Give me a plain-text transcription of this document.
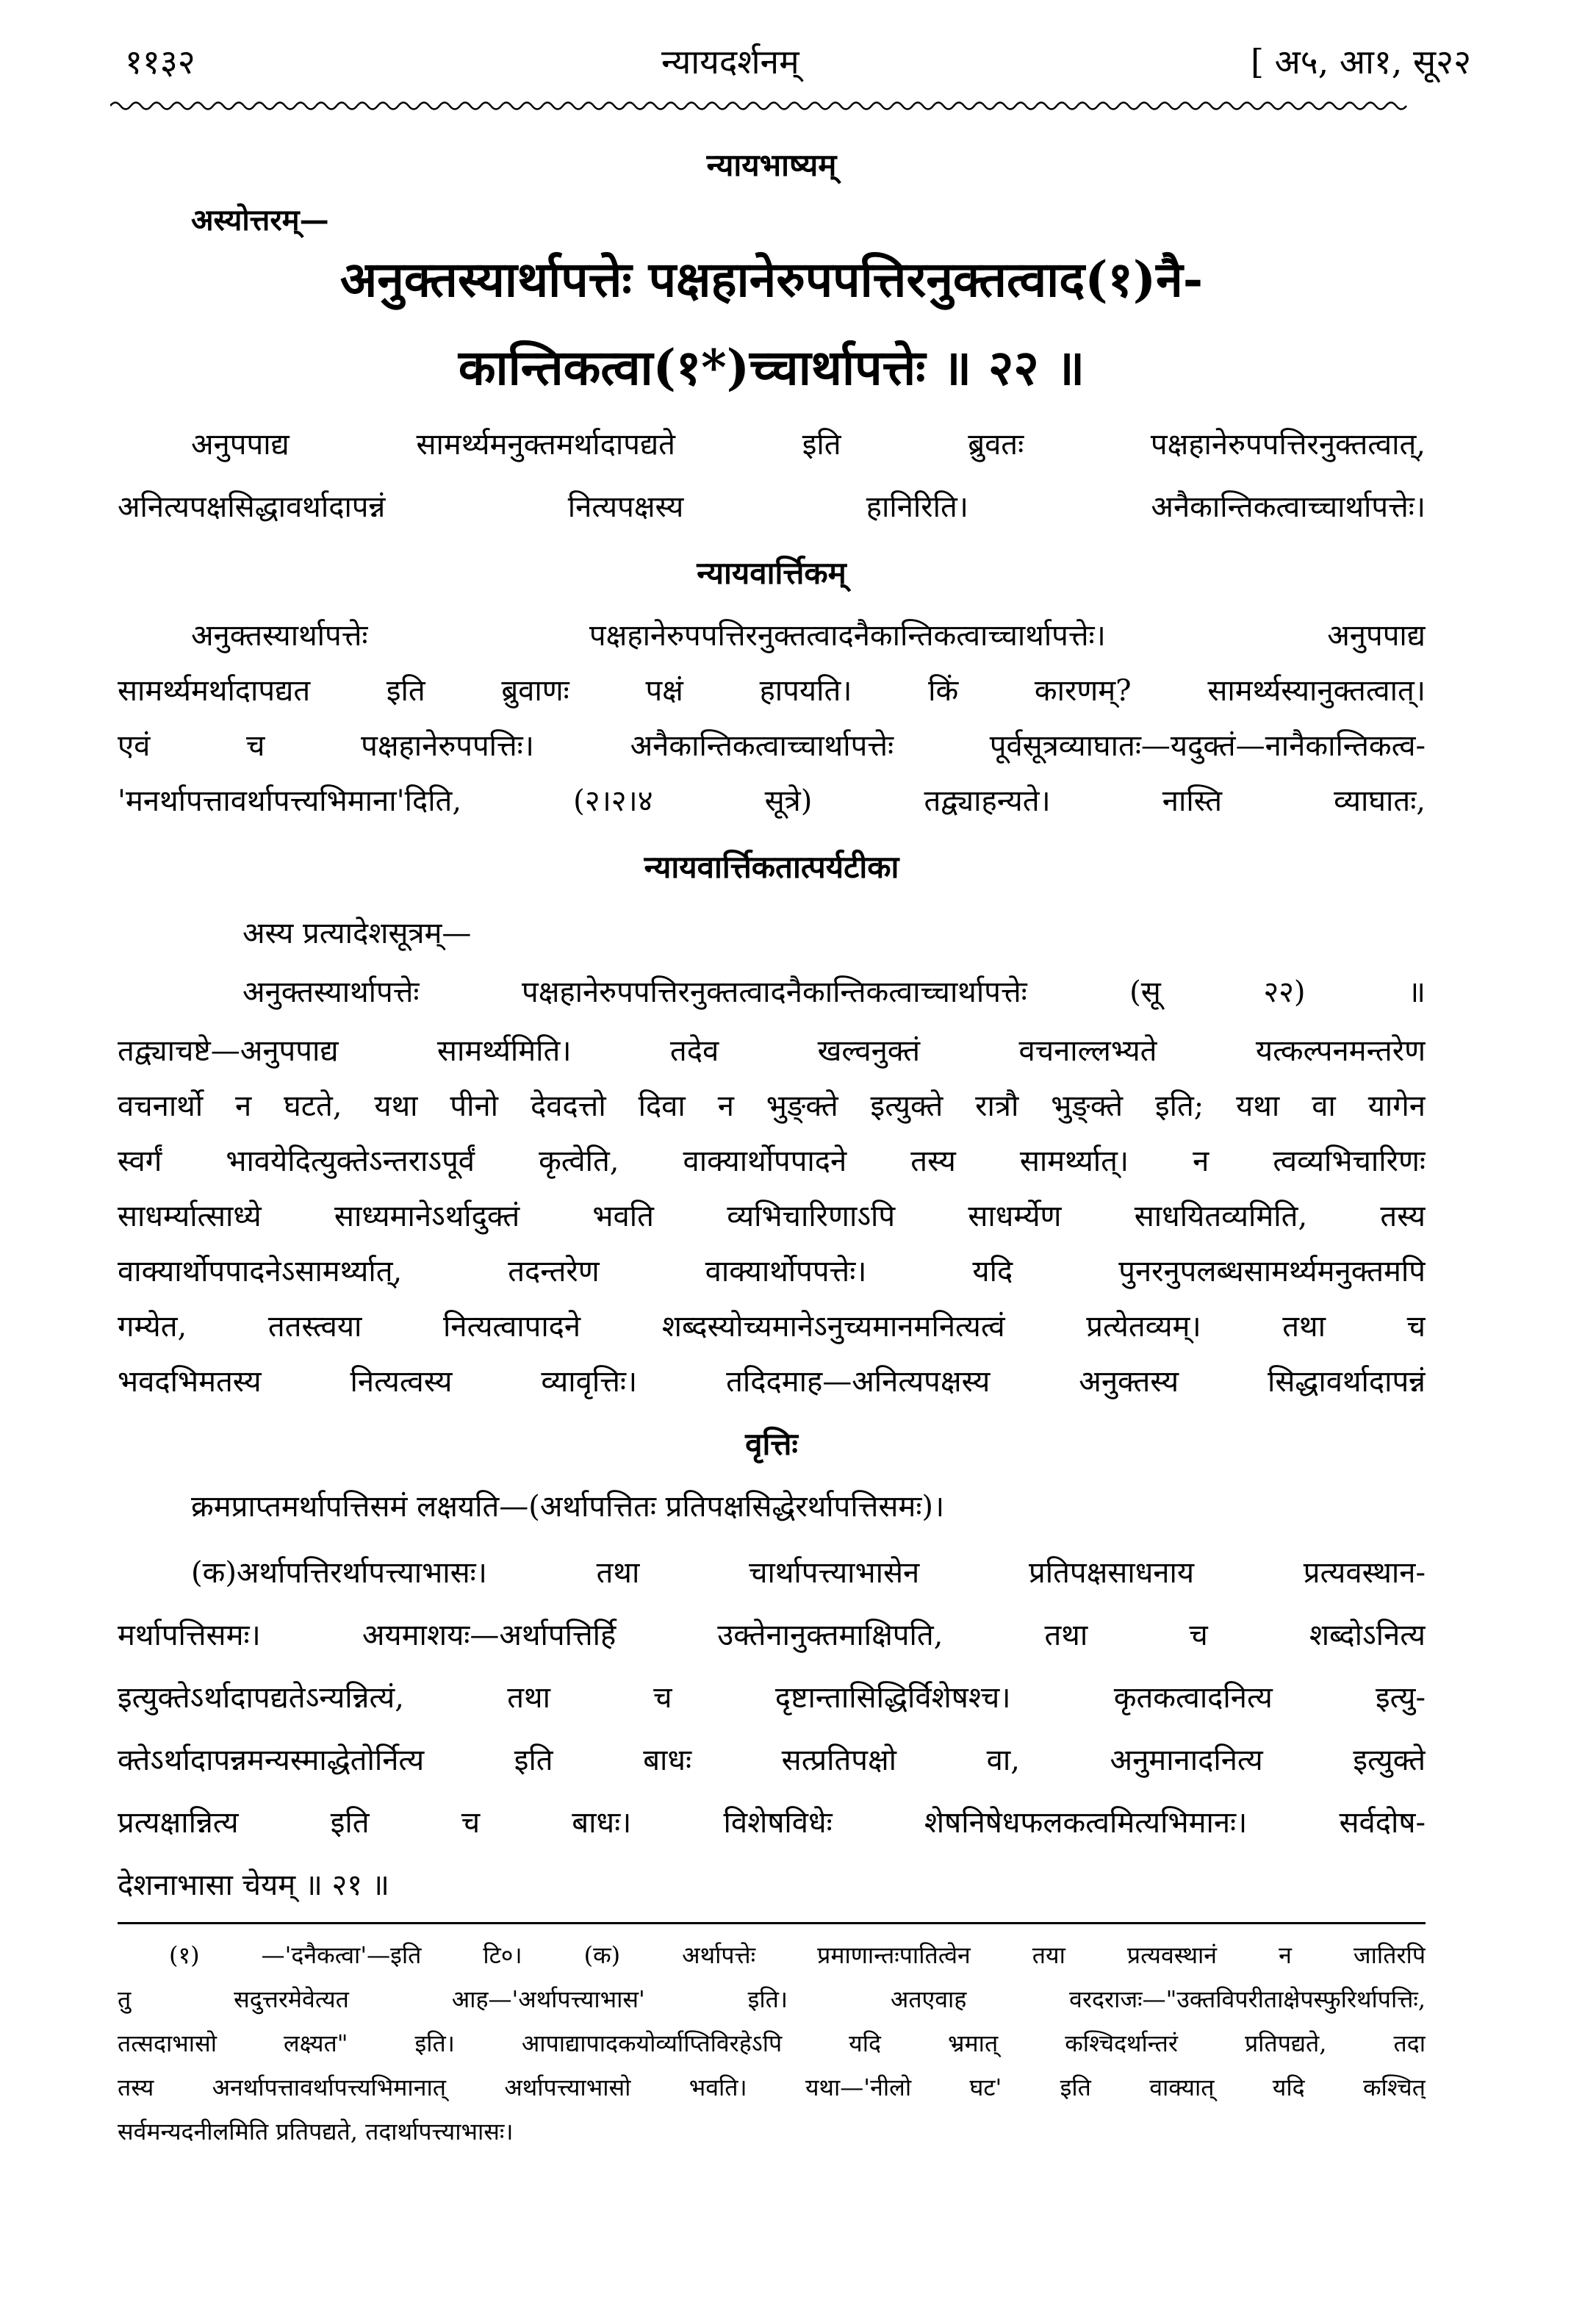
११३२	न्यायदर्शनम्	[ अ५, आ१, सू२२
न्यायभाष्यम्
अस्योत्तरम्—
अनुक्तस्यार्थापत्तेः पक्षहानेरुपपत्तिरनुक्तत्वाद(१)नै-
कान्तिकत्वा(१*)च्चार्थापत्तेः ॥ २२ ॥
अनुपपाद्य सामर्थ्यमनुक्तमर्थादापद्यते इति ब्रुवतः पक्षहानेरुपपत्तिरनुक्तत्वात्,
अनित्यपक्षसिद्धावर्थादापन्नं नित्यपक्षस्य हानिरिति। अनैकान्तिकत्वाच्चार्थापत्तेः।
न्यायवार्त्तिकम्
अनुक्तस्यार्थापत्तेः पक्षहानेरुपपत्तिरनुक्तत्वादनैकान्तिकत्वाच्चार्थापत्तेः। अनुपपाद्य
सामर्थ्यमर्थादापद्यत इति ब्रुवाणः पक्षं हापयति। किं कारणम्? सामर्थ्यस्यानुक्तत्वात्।
एवं च पक्षहानेरुपपत्तिः। अनैकान्तिकत्वाच्चार्थापत्तेः पूर्वसूत्रव्याघातः—यदुक्तं—नानैकान्तिकत्व-
'मनर्थापत्तावर्थापत्त्यभिमाना'दिति, (२।२।४ सूत्रे) तद्व्याहन्यते। नास्ति व्याघातः,
न्यायवार्त्तिकतात्पर्यटीका
अस्य प्रत्यादेशसूत्रम्—
अनुक्तस्यार्थापत्तेः पक्षहानेरुपपत्तिरनुक्तत्वादनैकान्तिकत्वाच्चार्थापत्तेः (सू २२) ॥
तद्व्याचष्टे—अनुपपाद्य सामर्थ्यमिति। तदेव खल्वनुक्तं वचनाल्लभ्यते यत्कल्पनमन्तरेण
वचनार्थो न घटते, यथा पीनो देवदत्तो दिवा न भुङ्क्ते इत्युक्ते रात्रौ भुङ्क्ते इति; यथा वा यागेन
स्वर्गं भावयेदित्युक्तेऽन्तराऽपूर्वं कृत्वेति, वाक्यार्थोपपादने तस्य सामर्थ्यात्। न त्वव्यभिचारिणः
साधर्म्यात्साध्ये साध्यमानेऽर्थादुक्तं भवति व्यभिचारिणाऽपि साधर्म्येण साधयितव्यमिति, तस्य
वाक्यार्थोपपादनेऽसामर्थ्यात्, तदन्तरेण वाक्यार्थोपपत्तेः। यदि पुनरनुपलब्धसामर्थ्यमनुक्तमपि
गम्येत, ततस्त्वया नित्यत्वापादने शब्दस्योच्यमानेऽनुच्यमानमनित्यत्वं प्रत्येतव्यम्। तथा च
भवदभिमतस्य नित्यत्वस्य व्यावृत्तिः। तदिदमाह—अनित्यपक्षस्य अनुक्तस्य सिद्धावर्थादापन्नं
वृत्तिः
क्रमप्राप्तमर्थापत्तिसमं लक्षयति—(अर्थापत्तितः प्रतिपक्षसिद्धेरर्थापत्तिसमः)।
(क)अर्थापत्तिरर्थापत्त्याभासः। तथा चार्थापत्त्याभासेन प्रतिपक्षसाधनाय प्रत्यवस्थान-
मर्थापत्तिसमः। अयमाशयः—अर्थापत्तिर्हि उक्तेनानुक्तमाक्षिपति, तथा च शब्दोऽनित्य
इत्युक्तेऽर्थादापद्यतेऽन्यन्नित्यं, तथा च दृष्टान्तासिद्धिर्विशेषश्च। कृतकत्वादनित्य इत्यु-
क्तेऽर्थादापन्नमन्यस्माद्धेतोर्नित्य इति बाधः सत्प्रतिपक्षो वा, अनुमानादनित्य इत्युक्ते
प्रत्यक्षान्नित्य इति च बाधः। विशेषविधेः शेषनिषेधफलकत्वमित्यभिमानः। सर्वदोष-
देशनाभासा चेयम् ॥ २१ ॥
(१) —'दनैकत्वा'—इति टि०। (क) अर्थापत्तेः प्रमाणान्तःपातित्वेन तया प्रत्यवस्थानं न जातिरपि
तु सदुत्तरमेवेत्यत आह—'अर्थापत्त्याभास' इति। अतएवाह वरदराजः—"उक्तविपरीताक्षेपस्फुरिर्थापत्तिः,
तत्सदाभासो लक्ष्यत" इति। आपाद्यापादकयोर्व्याप्तिविरहेऽपि यदि भ्रमात् कश्चिदर्थान्तरं प्रतिपद्यते, तदा
तस्य अनर्थापत्तावर्थापत्त्यभिमानात् अर्थापत्त्याभासो भवति। यथा—'नीलो घट' इति वाक्यात् यदि कश्चित्
सर्वमन्यदनीलमिति प्रतिपद्यते, तदार्थापत्त्याभासः।
